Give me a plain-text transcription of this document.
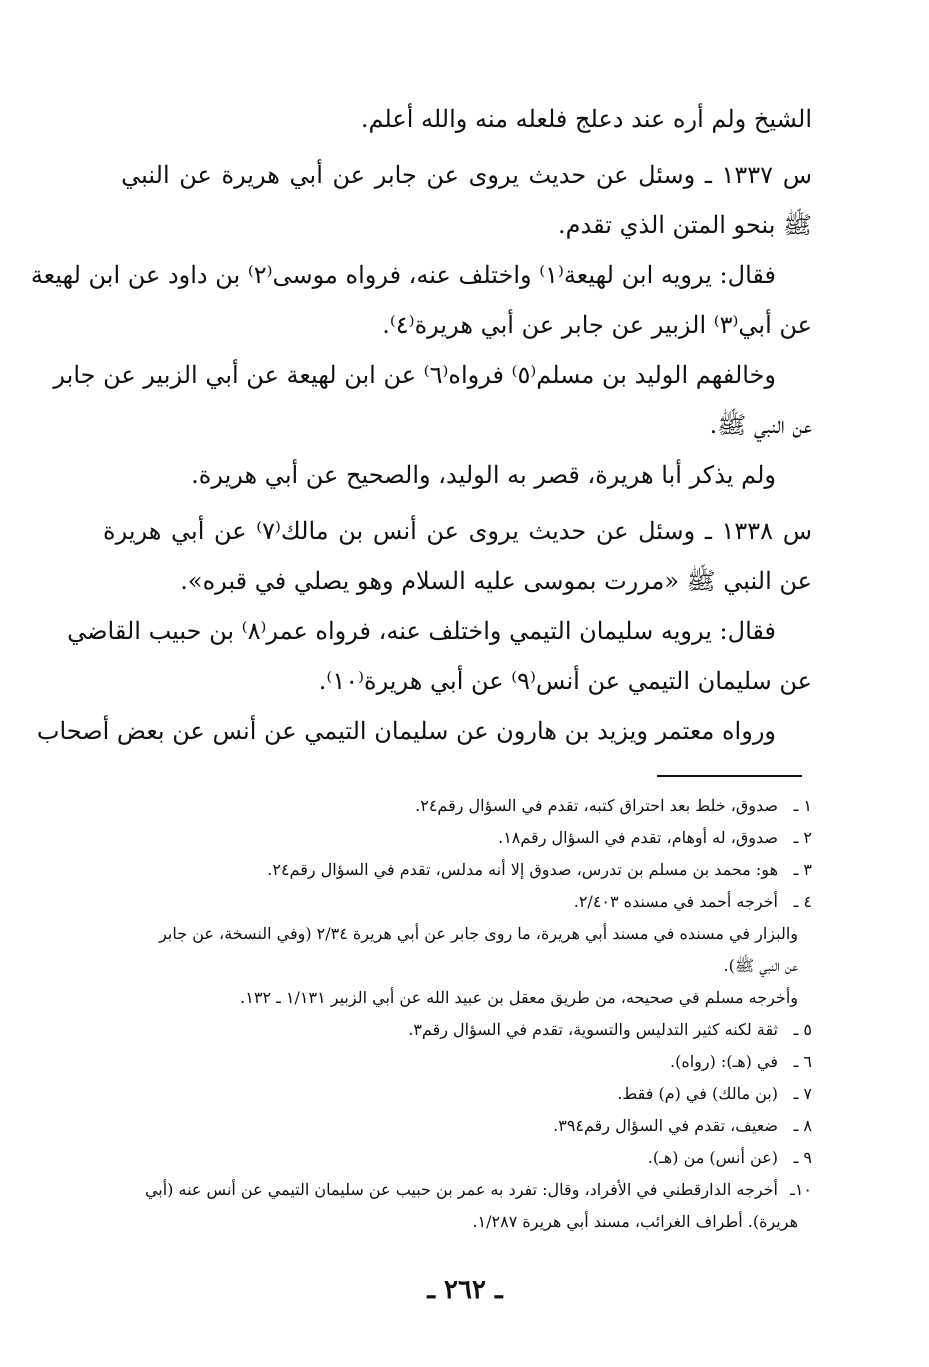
الشيخ ولم أره عند دعلج فلعله منه والله أعلم.
س ١٣٣٧ ـ وسئل عن حديث يروى عن جابر عن أبي هريرة عن النبي
ﷺ بنحو المتن الذي تقدم.
فقال: يرويه ابن لهيعة⁽١⁾ واختلف عنه، فرواه موسى⁽٢⁾ بن داود عن ابن لهيعة
عن أبي⁽٣⁾ الزبير عن جابر عن أبي هريرة⁽٤⁾.
وخالفهم الوليد بن مسلم⁽٥⁾ فرواه⁽٦⁾ عن ابن لهيعة عن أبي الزبير عن جابر
عن النبي ﷺ.
ولم يذكر أبا هريرة، قصر به الوليد، والصحيح عن أبي هريرة.
س ١٣٣٨ ـ وسئل عن حديث يروى عن أنس بن مالك⁽٧⁾ عن أبي هريرة
عن النبي ﷺ «مررت بموسى عليه السلام وهو يصلي في قبره».
فقال: يرويه سليمان التيمي واختلف عنه، فرواه عمر⁽٨⁾ بن حبيب القاضي
عن سليمان التيمي عن أنس⁽٩⁾ عن أبي هريرة⁽١٠⁾.
ورواه معتمر ويزيد بن هارون عن سليمان التيمي عن أنس عن بعض أصحاب
١ ـصدوق، خلط بعد احتراق كتبه، تقدم في السؤال رقم٢٤.
٢ ـصدوق، له أوهام، تقدم في السؤال رقم١٨.
٣ ـهو: محمد بن مسلم بن تدرس، صدوق إلا أنه مدلس، تقدم في السؤال رقم٢٤.
٤ ـأخرجه أحمد في مسنده ٢/٤٠٣.
والبزار في مسنده في مسند أبي هريرة، ما روى جابر عن أبي هريرة ٢/٣٤ (وفي النسخة، عن جابر
عن النبي ﷺ).
وأخرجه مسلم في صحيحه، من طريق معقل بن عبيد الله عن أبي الزبير ١/١٣١ ـ ١٣٢.
٥ ـثقة لكنه كثير التدليس والتسوية، تقدم في السؤال رقم٣.
٦ ـفي (هـ): (رواه).
٧ ـ(بن مالك) في (م) فقط.
٨ ـضعيف، تقدم في السؤال رقم٣٩٤.
٩ ـ(عن أنس) من (هـ).
١٠ـأخرجه الدارقطني في الأفراد، وقال: تفرد به عمر بن حبيب عن سليمان التيمي عن أنس عنه (أبي
هريرة). أطراف الغرائب، مسند أبي هريرة ١/٢٨٧.
ـ ٢٦٢ ـ
